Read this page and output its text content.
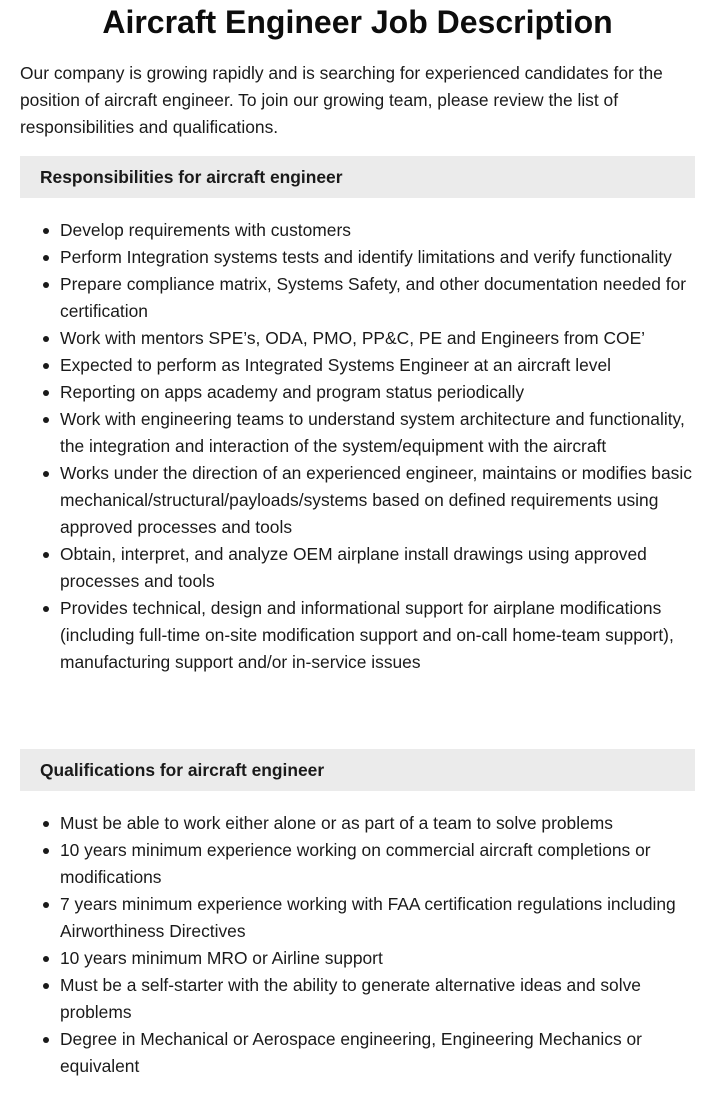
Aircraft Engineer Job Description

Our company is growing rapidly and is searching for experienced candidates for the position of aircraft engineer. To join our growing team, please review the list of responsibilities and qualifications.

Responsibilities for aircraft engineer
Develop requirements with customers
Perform Integration systems tests and identify limitations and verify functionality
Prepare compliance matrix, Systems Safety, and other documentation needed for certification
Work with mentors SPE’s, ODA, PMO, PP&C, PE and Engineers from COE’
Expected to perform as Integrated Systems Engineer at an aircraft level
Reporting on apps academy and program status periodically
Work with engineering teams to understand system architecture and functionality, the integration and interaction of the system/equipment with the aircraft
Works under the direction of an experienced engineer, maintains or modifies basic mechanical/structural/payloads/systems based on defined requirements using approved processes and tools
Obtain, interpret, and analyze OEM airplane install drawings using approved processes and tools
Provides technical, design and informational support for airplane modifications (including full-time on-site modification support and on-call home-team support), manufacturing support and/or in-service issues
Qualifications for aircraft engineer
Must be able to work either alone or as part of a team to solve problems
10 years minimum experience working on commercial aircraft completions or modifications
7 years minimum experience working with FAA certification regulations including Airworthiness Directives
10 years minimum MRO or Airline support
Must be a self-starter with the ability to generate alternative ideas and solve problems
Degree in Mechanical or Aerospace engineering, Engineering Mechanics or equivalent
